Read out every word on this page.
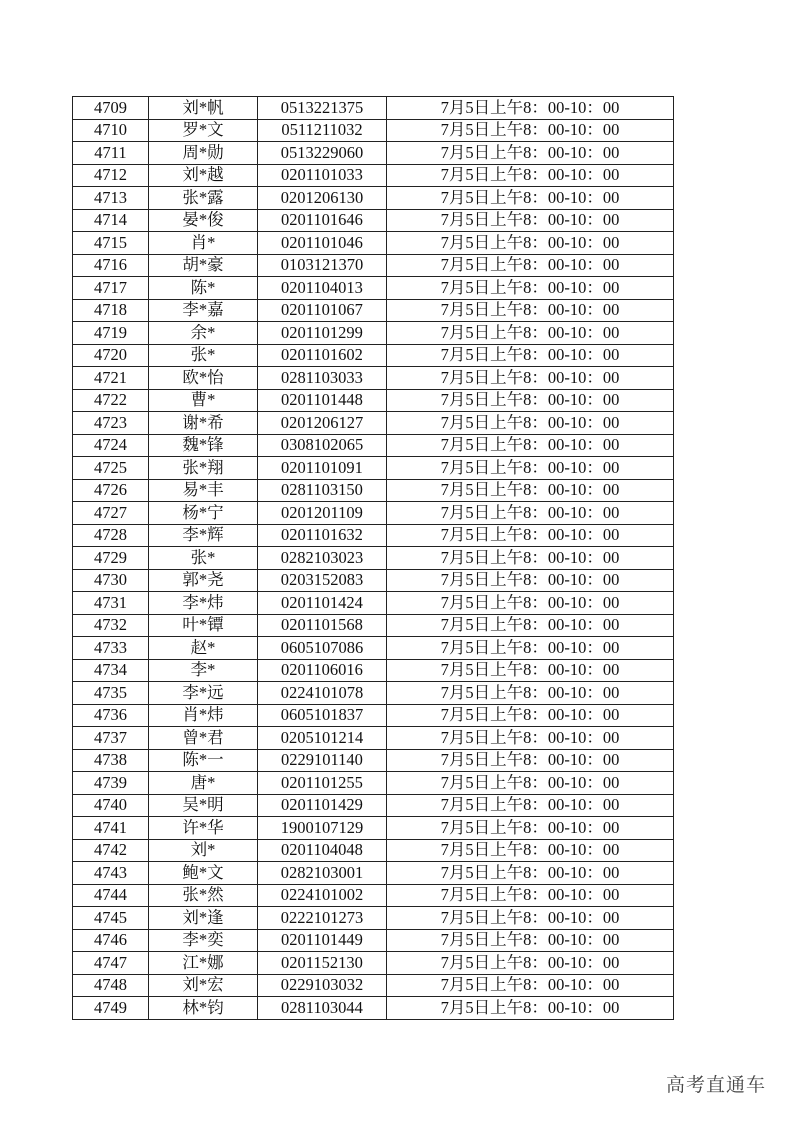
4709	刘*帆	0513221375	7月5日上午8：00-10：00
4710	罗*文	0511211032	7月5日上午8：00-10：00
4711	周*勋	0513229060	7月5日上午8：00-10：00
4712	刘*越	0201101033	7月5日上午8：00-10：00
4713	张*露	0201206130	7月5日上午8：00-10：00
4714	晏*俊	0201101646	7月5日上午8：00-10：00
4715	肖*	0201101046	7月5日上午8：00-10：00
4716	胡*豪	0103121370	7月5日上午8：00-10：00
4717	陈*	0201104013	7月5日上午8：00-10：00
4718	李*嘉	0201101067	7月5日上午8：00-10：00
4719	余*	0201101299	7月5日上午8：00-10：00
4720	张*	0201101602	7月5日上午8：00-10：00
4721	欧*怡	0281103033	7月5日上午8：00-10：00
4722	曹*	0201101448	7月5日上午8：00-10：00
4723	谢*希	0201206127	7月5日上午8：00-10：00
4724	魏*锋	0308102065	7月5日上午8：00-10：00
4725	张*翔	0201101091	7月5日上午8：00-10：00
4726	易*丰	0281103150	7月5日上午8：00-10：00
4727	杨*宁	0201201109	7月5日上午8：00-10：00
4728	李*辉	0201101632	7月5日上午8：00-10：00
4729	张*	0282103023	7月5日上午8：00-10：00
4730	郭*尧	0203152083	7月5日上午8：00-10：00
4731	李*炜	0201101424	7月5日上午8：00-10：00
4732	叶*镡	0201101568	7月5日上午8：00-10：00
4733	赵*	0605107086	7月5日上午8：00-10：00
4734	李*	0201106016	7月5日上午8：00-10：00
4735	李*远	0224101078	7月5日上午8：00-10：00
4736	肖*炜	0605101837	7月5日上午8：00-10：00
4737	曾*君	0205101214	7月5日上午8：00-10：00
4738	陈*一	0229101140	7月5日上午8：00-10：00
4739	唐*	0201101255	7月5日上午8：00-10：00
4740	吴*明	0201101429	7月5日上午8：00-10：00
4741	许*华	1900107129	7月5日上午8：00-10：00
4742	刘*	0201104048	7月5日上午8：00-10：00
4743	鲍*文	0282103001	7月5日上午8：00-10：00
4744	张*然	0224101002	7月5日上午8：00-10：00
4745	刘*逢	0222101273	7月5日上午8：00-10：00
4746	李*奕	0201101449	7月5日上午8：00-10：00
4747	江*娜	0201152130	7月5日上午8：00-10：00
4748	刘*宏	0229103032	7月5日上午8：00-10：00
4749	林*钧	0281103044	7月5日上午8：00-10：00
高考直通车
